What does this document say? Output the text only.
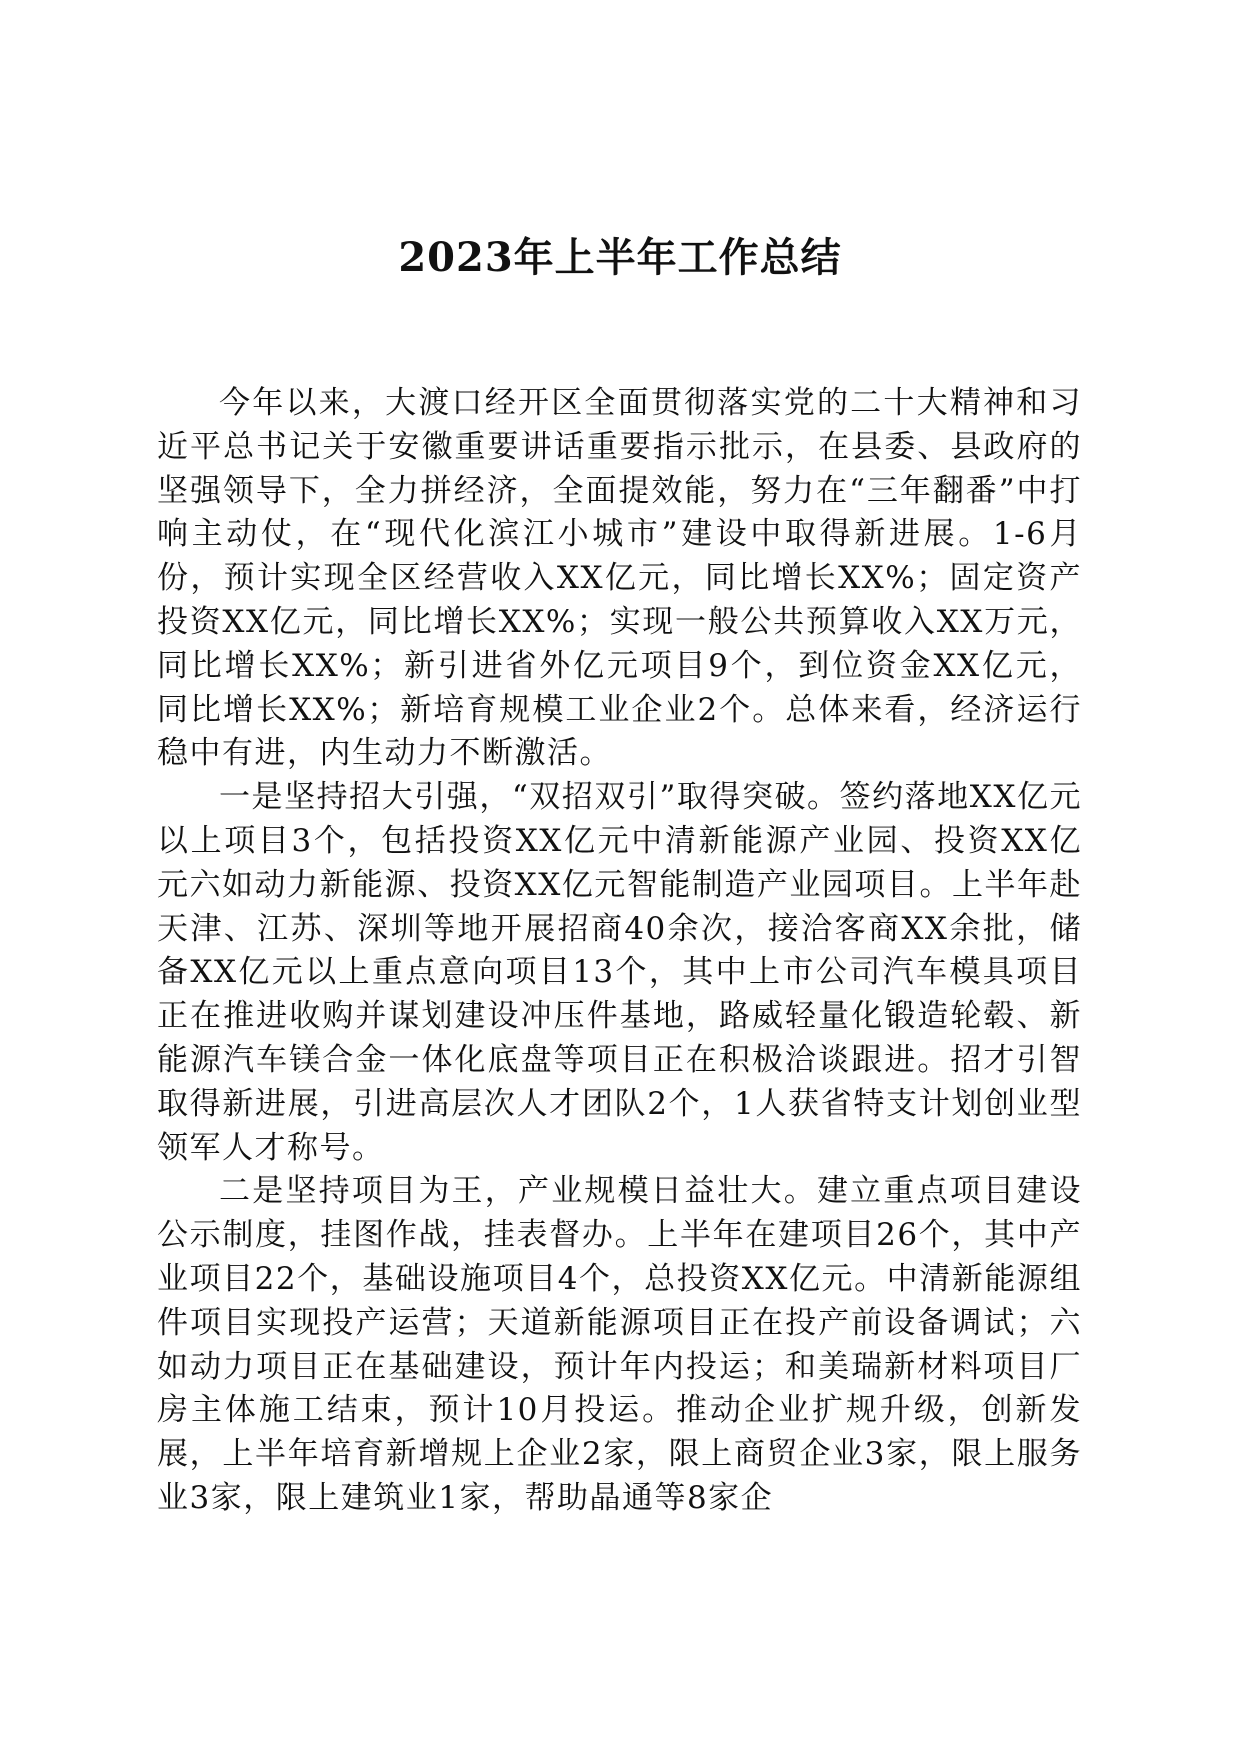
2023年上半年工作总结

今年以来，大渡口经开区全面贯彻落实党的二十大精神和习近平总书记关于安徽重要讲话重要指示批示，在县委、县政府的坚强领导下，全力拼经济，全面提效能，努力在“三年翻番”中打响主动仗，在“现代化滨江小城市”建设中取得新进展。1-6月份，预计实现全区经营收入XX亿元，同比增长XX%；固定资产投资XX亿元，同比增长XX%；实现一般公共预算收入XX万元，同比增长XX%；新引进省外亿元项目9个，到位资金XX亿元，同比增长XX%；新培育规模工业企业2个。总体来看，经济运行稳中有进，内生动力不断激活。

一是坚持招大引强，“双招双引”取得突破。签约落地XX亿元以上项目3个，包括投资XX亿元中清新能源产业园、投资XX亿元六如动力新能源、投资XX亿元智能制造产业园项目。上半年赴天津、江苏、深圳等地开展招商40余次，接洽客商XX余批，储备XX亿元以上重点意向项目13个，其中上市公司汽车模具项目正在推进收购并谋划建设冲压件基地，路威轻量化锻造轮毂、新能源汽车镁合金一体化底盘等项目正在积极洽谈跟进。招才引智取得新进展，引进高层次人才团队2个，1人获省特支计划创业型领军人才称号。

二是坚持项目为王，产业规模日益壮大。建立重点项目建设公示制度，挂图作战，挂表督办。上半年在建项目26个，其中产业项目22个，基础设施项目4个，总投资XX亿元。中清新能源组件项目实现投产运营；天道新能源项目正在投产前设备调试；六如动力项目正在基础建设，预计年内投运；和美瑞新材料项目厂房主体施工结束，预计10月投运。推动企业扩规升级，创新发展，上半年培育新增规上企业2家，限上商贸企业3家，限上服务业3家，限上建筑业1家，帮助晶通等8家企
